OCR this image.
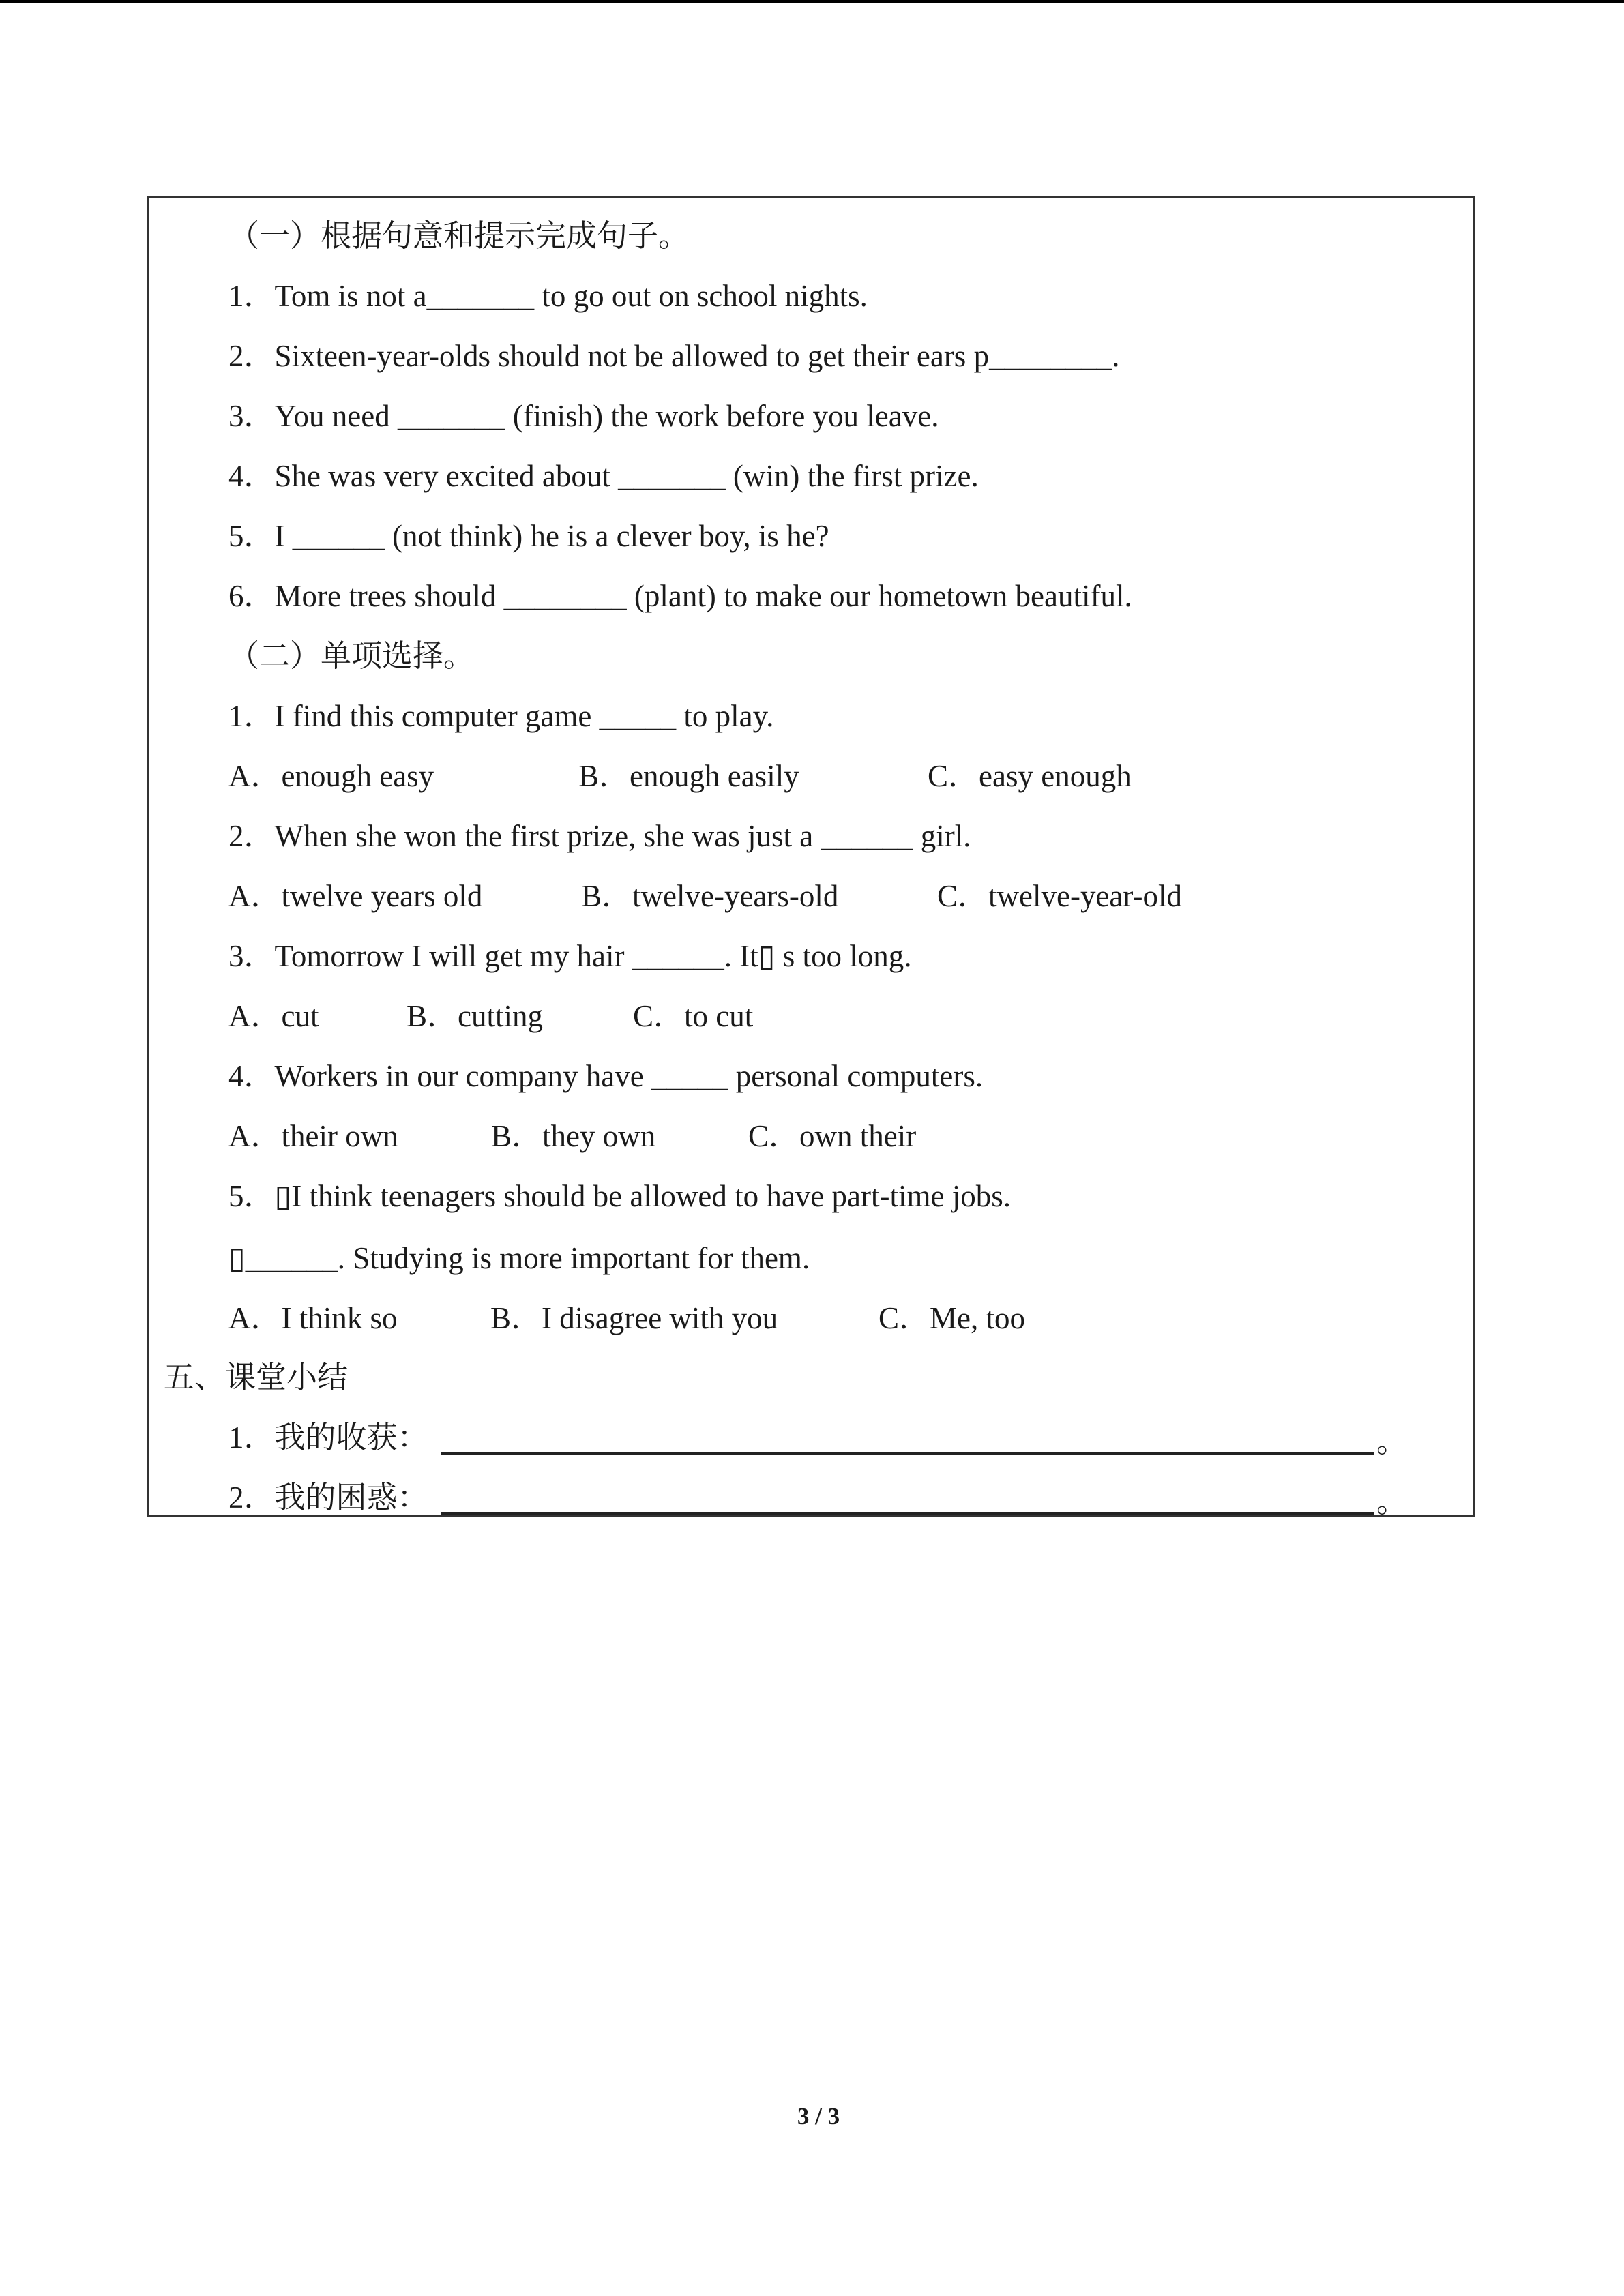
（一）根据句意和提示完成句子。
1．Tom is not a_______ to go out on school nights.
2．Sixteen-year-olds should not be allowed to get their ears p________.
3．You need _______ (finish) the work before you leave.
4．She was very excited about _______ (win) the first prize.
5．I ______ (not think) he is a clever boy, is he?
6．More trees should ________ (plant) to make our hometown beautiful.
（二）单项选择。
1．I find this computer game _____ to play.
A．enough easy	B．enough easily	C．easy enough
2．When she won the first prize, she was just a ______ girl.
A．twelve years old	B．twelve-years-old	C．twelve-year-old
3．Tomorrow I will get my hair ______. It▯ s too long.
A．cut	B．cutting	C．to cut
4．Workers in our company have _____ personal computers.
A．their own	B．they own	C．own their
5．▯I think teenagers should be allowed to have part-time jobs.
▯______. Studying is more important for them.
A．I think so	B．I disagree with you	C．Me, too
五、课堂小结
1．我的收获：	。
2．我的困惑：	。
3 / 3
